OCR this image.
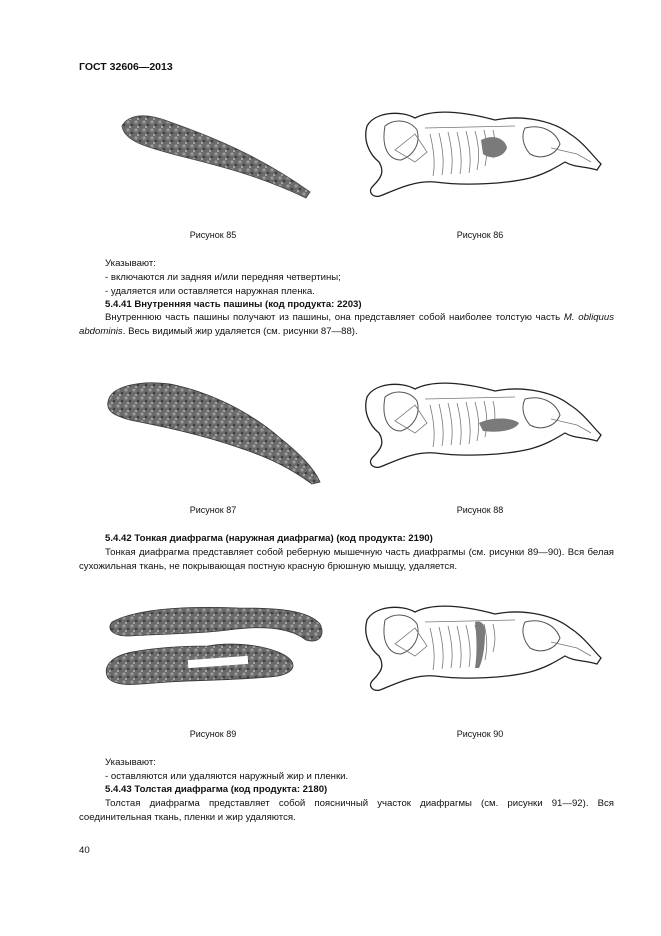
ГОСТ 32606—2013
Рисунок 85	Рисунок 86
Указывают:
- включаются ли задняя и/или передняя четвертины;
- удаляется или оставляется наружная пленка.
5.4.41 Внутренняя часть пашины (код продукта: 2203)
Внутреннюю часть пашины получают из пашины, она представляет собой наиболее толстую часть M. obliquus abdominis. Весь видимый жир удаляется (см. рисунки 87—88).
Рисунок 87	Рисунок 88
5.4.42 Тонкая диафрагма (наружная диафрагма) (код продукта: 2190)
Тонкая диафрагма представляет собой реберную мышечную часть диафрагмы (см. рисунки 89—90). Вся белая сухожильная ткань, не покрывающая постную красную брюшную мышцу, удаляется.
Рисунок 89	Рисунок 90
Указывают:
- оставляются или удаляются наружный жир и пленки.
5.4.43 Толстая диафрагма (код продукта: 2180)
Толстая диафрагма представляет собой поясничный участок диафрагмы (см. рисунки 91—92). Вся соединительная ткань, пленки и жир удаляются.
40
